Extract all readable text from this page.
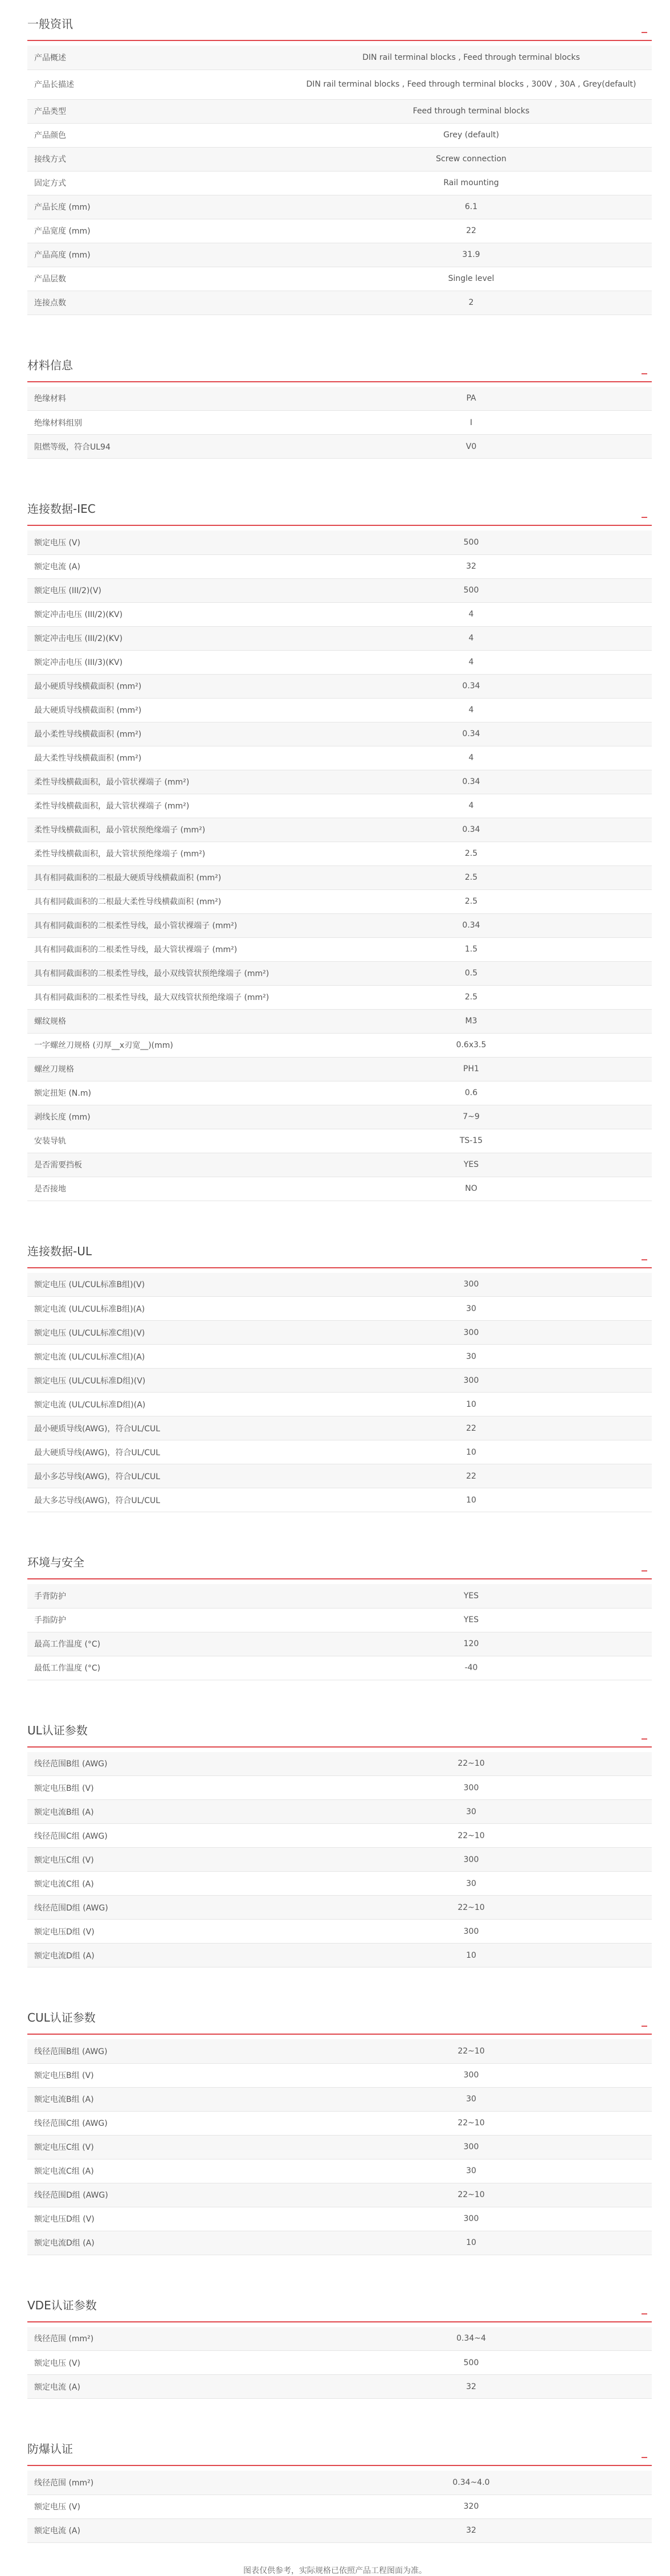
一般资讯	_
产品概述	DIN rail terminal blocks , Feed through terminal blocks
产品长描述	DIN rail terminal blocks , Feed through terminal blocks , 300V , 30A , Grey(default)
产品类型	Feed through terminal blocks
产品颜色	Grey (default)
接线方式	Screw connection
固定方式	Rail mounting
产品长度 (mm)	6.1
产品宽度 (mm)	22
产品高度 (mm)	31.9
产品层数	Single level
连接点数	2
材料信息	_
绝缘材料	PA
绝缘材料组别	I
阻燃等级，符合UL94	V0
连接数据-IEC	_
额定电压 (V)	500
额定电流 (A)	32
额定电压 (III/2)(V)	500
额定冲击电压 (III/2)(KV)	4
额定冲击电压 (III/2)(KV)	4
额定冲击电压 (III/3)(KV)	4
最小硬质导线横截面积 (mm²)	0.34
最大硬质导线横截面积 (mm²)	4
最小柔性导线横截面积 (mm²)	0.34
最大柔性导线横截面积 (mm²)	4
柔性导线横截面积，最小管状裸端子 (mm²)	0.34
柔性导线横截面积，最大管状裸端子 (mm²)	4
柔性导线横截面积，最小管状预绝缘端子 (mm²)	0.34
柔性导线横截面积，最大管状预绝缘端子 (mm²)	2.5
具有相同截面积的二根最大硬质导线横截面积 (mm²)	2.5
具有相同截面积的二根最大柔性导线横截面积 (mm²)	2.5
具有相同截面积的二根柔性导线，最小管状裸端子 (mm²)	0.34
具有相同截面积的二根柔性导线，最大管状裸端子 (mm²)	1.5
具有相同截面积的二根柔性导线，最小双线管状预绝缘端子 (mm²)	0.5
具有相同截面积的二根柔性导线，最大双线管状预绝缘端子 (mm²)	2.5
螺纹规格	M3
一字螺丝刀规格 (刃厚__x刃宽__)(mm)	0.6x3.5
螺丝刀规格	PH1
额定扭矩 (N.m)	0.6
剥线长度 (mm)	7~9
安装导轨	TS-15
是否需要挡板	YES
是否接地	NO
连接数据-UL	_
额定电压 (UL/CUL标准B组)(V)	300
额定电流 (UL/CUL标准B组)(A)	30
额定电压 (UL/CUL标准C组)(V)	300
额定电流 (UL/CUL标准C组)(A)	30
额定电压 (UL/CUL标准D组)(V)	300
额定电流 (UL/CUL标准D组)(A)	10
最小硬质导线(AWG)，符合UL/CUL	22
最大硬质导线(AWG)，符合UL/CUL	10
最小多芯导线(AWG)，符合UL/CUL	22
最大多芯导线(AWG)，符合UL/CUL	10
环境与安全	_
手背防护	YES
手指防护	YES
最高工作温度 (°C)	120
最低工作温度 (°C)	-40
UL认证参数	_
线径范围B组 (AWG)	22~10
额定电压B组 (V)	300
额定电流B组 (A)	30
线径范围C组 (AWG)	22~10
额定电压C组 (V)	300
额定电流C组 (A)	30
线径范围D组 (AWG)	22~10
额定电压D组 (V)	300
额定电流D组 (A)	10
CUL认证参数	_
线径范围B组 (AWG)	22~10
额定电压B组 (V)	300
额定电流B组 (A)	30
线径范围C组 (AWG)	22~10
额定电压C组 (V)	300
额定电流C组 (A)	30
线径范围D组 (AWG)	22~10
额定电压D组 (V)	300
额定电流D组 (A)	10
VDE认证参数	_
线径范围 (mm²)	0.34~4
额定电压 (V)	500
额定电流 (A)	32
防爆认证	_
线径范围 (mm²)	0.34~4.0
额定电压 (V)	320
额定电流 (A)	32
图表仅供参考，实际规格已依照产品工程图面为准。
